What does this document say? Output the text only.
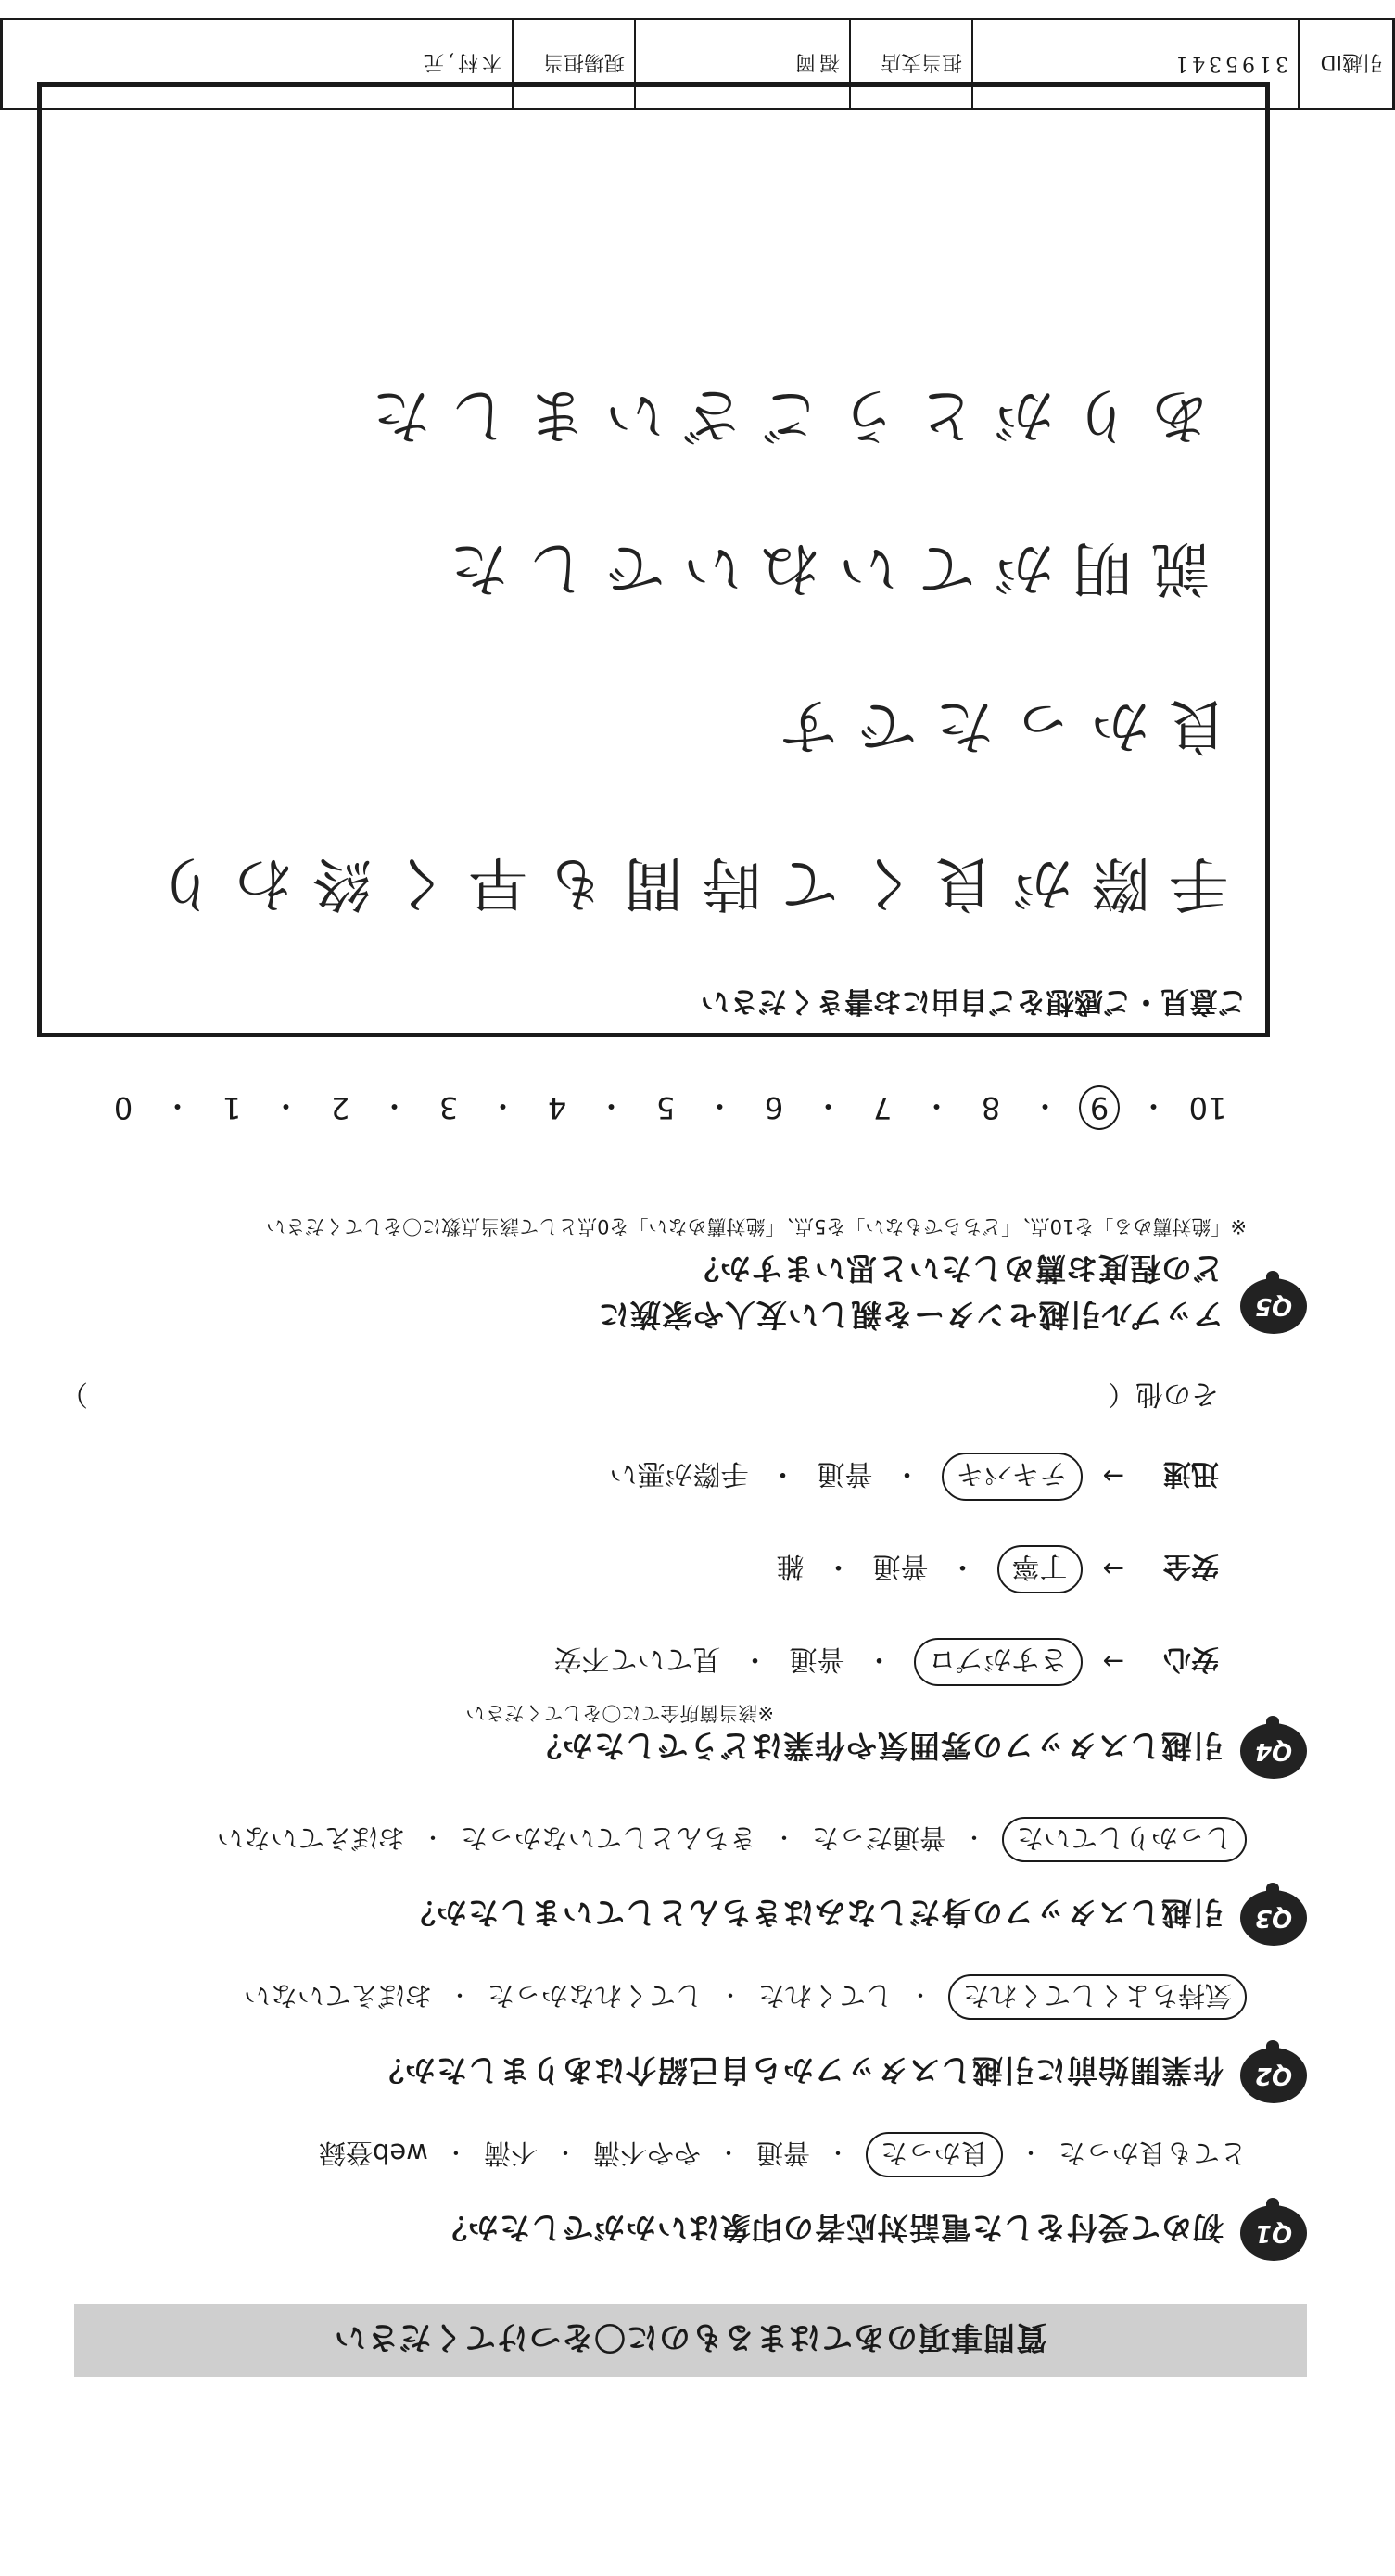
質問事項のあてはまるものに〇をつけてください
Q1
初めて受付をした電話対応者の印象はいかがでしたか？
とても良かった
・
良かった
・
普通
・
やや不満
・
不満
・
web登録
Q2
作業開始前に引越しスタッフから自己紹介はありましたか？
気持ちよくしてくれた
・
してくれた
・
してくれなかった
・
おぼえていない
Q3
引越しスタッフの身だしなみはきちんとしていましたか？
しっかりしていた
・
普通だった
・
きちんとしていなかった
・
おぼえていない
Q4
引越しスタッフの雰囲気や作業はどうでしたか？
※該当箇所全てに〇をしてください
安心
→
さすがプロ
・
普通
・
見ていて不安
安全
→
丁寧
・
普通
・
雑
迅速
→
テキパキ
・
普通
・
手際が悪い
その他（
）
Q5
アップル引越センターを親しい友人や家族に
どの程度お薦めしたいと思いますか？
※「絶対薦める」を10点、「どちらでもない」を5点、「絶対薦めない」を0点として該当点数に〇をしてください
10
・
9
・
8
・
7
・
6
・
5
・
4
・
3
・
2
・
1
・
0
ご意見・ご感想をご自由にお書きください
手際が良くて時間も早く終わり
良かったです
説明がていねいでした
ありがとうございました
引越ID
3195341
担当支店
福岡
現場担当
木村,元
